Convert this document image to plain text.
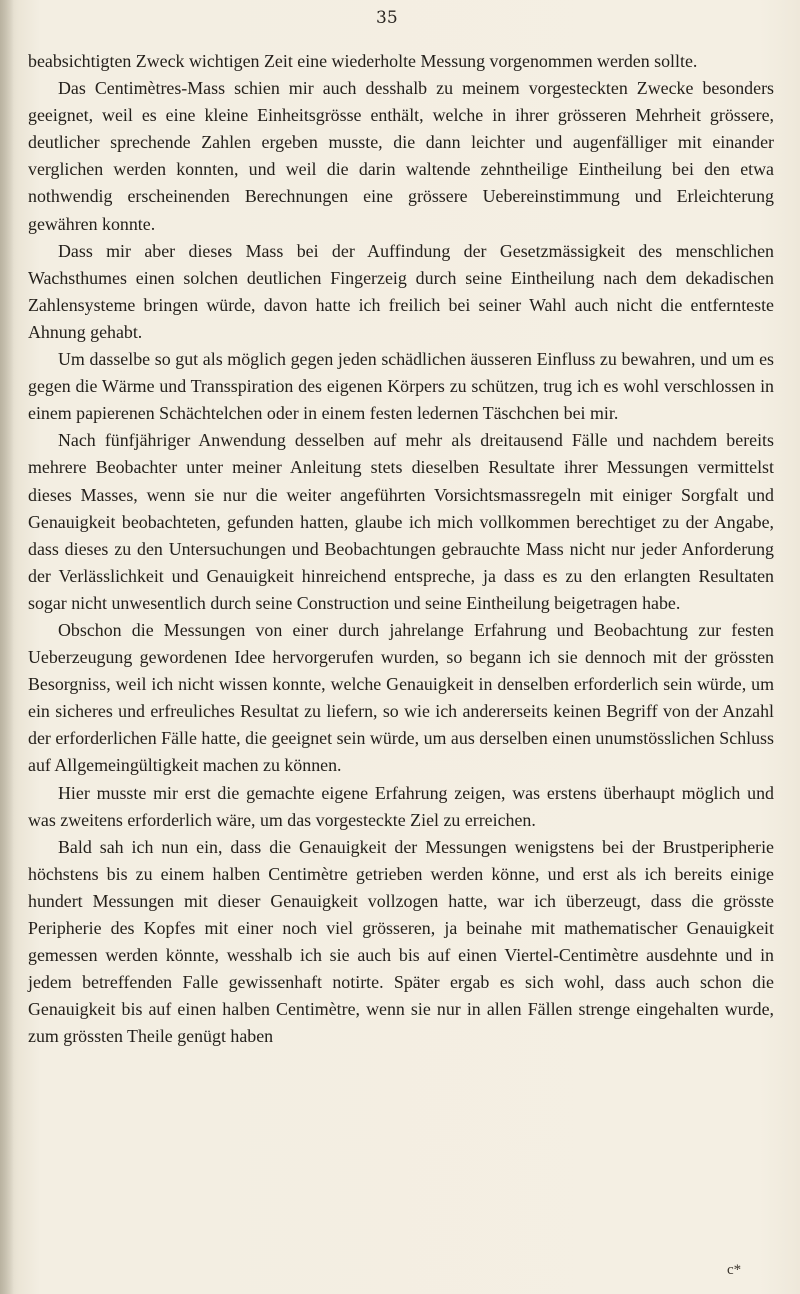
35

beabsichtigten Zweck wichtigen Zeit eine wiederholte Messung vorgenommen werden sollte.

Das Centimètres-Mass schien mir auch desshalb zu meinem vorgesteckten Zwecke besonders geeignet, weil es eine kleine Einheitsgrösse enthält, welche in ihrer grösseren Mehrheit grössere, deutlicher sprechende Zahlen ergeben musste, die dann leichter und augenfälliger mit einander verglichen werden konnten, und weil die darin waltende zehntheilige Eintheilung bei den etwa nothwendig erscheinenden Berechnungen eine grössere Uebereinstimmung und Erleichterung gewähren konnte.

Dass mir aber dieses Mass bei der Auffindung der Gesetzmässigkeit des menschlichen Wachsthumes einen solchen deutlichen Fingerzeig durch seine Eintheilung nach dem dekadischen Zahlensysteme bringen würde, davon hatte ich freilich bei seiner Wahl auch nicht die entfernteste Ahnung gehabt.

Um dasselbe so gut als möglich gegen jeden schädlichen äusseren Einfluss zu bewahren, und um es gegen die Wärme und Transspiration des eigenen Körpers zu schützen, trug ich es wohl verschlossen in einem papierenen Schächtelchen oder in einem festen ledernen Täschchen bei mir.

Nach fünfjähriger Anwendung desselben auf mehr als dreitausend Fälle und nachdem bereits mehrere Beobachter unter meiner Anleitung stets dieselben Resultate ihrer Messungen vermittelst dieses Masses, wenn sie nur die weiter angeführten Vorsichtsmassregeln mit einiger Sorgfalt und Genauigkeit beobachteten, gefunden hatten, glaube ich mich vollkommen berechtiget zu der Angabe, dass dieses zu den Untersuchungen und Beobachtungen gebrauchte Mass nicht nur jeder Anforderung der Verlässlichkeit und Genauigkeit hinreichend entspreche, ja dass es zu den erlangten Resultaten sogar nicht unwesentlich durch seine Construction und seine Eintheilung beigetragen habe.

Obschon die Messungen von einer durch jahrelange Erfahrung und Beobachtung zur festen Ueberzeugung gewordenen Idee hervorgerufen wurden, so begann ich sie dennoch mit der grössten Besorgniss, weil ich nicht wissen konnte, welche Genauigkeit in denselben erforderlich sein würde, um ein sicheres und erfreuliches Resultat zu liefern, so wie ich andererseits keinen Begriff von der Anzahl der erforderlichen Fälle hatte, die geeignet sein würde, um aus derselben einen unumstösslichen Schluss auf Allgemeingültigkeit machen zu können.

Hier musste mir erst die gemachte eigene Erfahrung zeigen, was erstens überhaupt möglich und was zweitens erforderlich wäre, um das vorgesteckte Ziel zu erreichen.

Bald sah ich nun ein, dass die Genauigkeit der Messungen wenigstens bei der Brustperipherie höchstens bis zu einem halben Centimètre getrieben werden könne, und erst als ich bereits einige hundert Messungen mit dieser Genauigkeit vollzogen hatte, war ich überzeugt, dass die grösste Peripherie des Kopfes mit einer noch viel grösseren, ja beinahe mit mathematischer Genauigkeit gemessen werden könnte, wesshalb ich sie auch bis auf einen Viertel-Centimètre ausdehnte und in jedem betreffenden Falle gewissenhaft notirte. Später ergab es sich wohl, dass auch schon die Genauigkeit bis auf einen halben Centimètre, wenn sie nur in allen Fällen strenge eingehalten wurde, zum grössten Theile genügt haben

c*
